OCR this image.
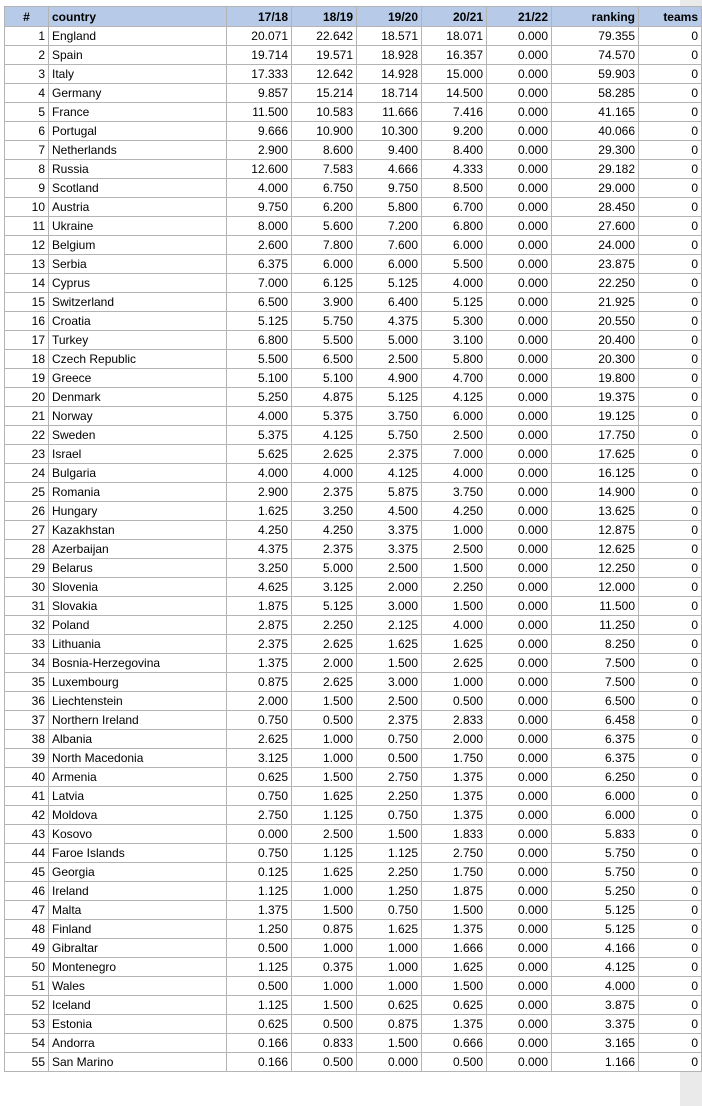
#	country	17/18	18/19	19/20	20/21	21/22	ranking	teams
1	England	20.071	22.642	18.571	18.071	0.000	79.355	0
2	Spain	19.714	19.571	18.928	16.357	0.000	74.570	0
3	Italy	17.333	12.642	14.928	15.000	0.000	59.903	0
4	Germany	9.857	15.214	18.714	14.500	0.000	58.285	0
5	France	11.500	10.583	11.666	7.416	0.000	41.165	0
6	Portugal	9.666	10.900	10.300	9.200	0.000	40.066	0
7	Netherlands	2.900	8.600	9.400	8.400	0.000	29.300	0
8	Russia	12.600	7.583	4.666	4.333	0.000	29.182	0
9	Scotland	4.000	6.750	9.750	8.500	0.000	29.000	0
10	Austria	9.750	6.200	5.800	6.700	0.000	28.450	0
11	Ukraine	8.000	5.600	7.200	6.800	0.000	27.600	0
12	Belgium	2.600	7.800	7.600	6.000	0.000	24.000	0
13	Serbia	6.375	6.000	6.000	5.500	0.000	23.875	0
14	Cyprus	7.000	6.125	5.125	4.000	0.000	22.250	0
15	Switzerland	6.500	3.900	6.400	5.125	0.000	21.925	0
16	Croatia	5.125	5.750	4.375	5.300	0.000	20.550	0
17	Turkey	6.800	5.500	5.000	3.100	0.000	20.400	0
18	Czech Republic	5.500	6.500	2.500	5.800	0.000	20.300	0
19	Greece	5.100	5.100	4.900	4.700	0.000	19.800	0
20	Denmark	5.250	4.875	5.125	4.125	0.000	19.375	0
21	Norway	4.000	5.375	3.750	6.000	0.000	19.125	0
22	Sweden	5.375	4.125	5.750	2.500	0.000	17.750	0
23	Israel	5.625	2.625	2.375	7.000	0.000	17.625	0
24	Bulgaria	4.000	4.000	4.125	4.000	0.000	16.125	0
25	Romania	2.900	2.375	5.875	3.750	0.000	14.900	0
26	Hungary	1.625	3.250	4.500	4.250	0.000	13.625	0
27	Kazakhstan	4.250	4.250	3.375	1.000	0.000	12.875	0
28	Azerbaijan	4.375	2.375	3.375	2.500	0.000	12.625	0
29	Belarus	3.250	5.000	2.500	1.500	0.000	12.250	0
30	Slovenia	4.625	3.125	2.000	2.250	0.000	12.000	0
31	Slovakia	1.875	5.125	3.000	1.500	0.000	11.500	0
32	Poland	2.875	2.250	2.125	4.000	0.000	11.250	0
33	Lithuania	2.375	2.625	1.625	1.625	0.000	8.250	0
34	Bosnia-Herzegovina	1.375	2.000	1.500	2.625	0.000	7.500	0
35	Luxembourg	0.875	2.625	3.000	1.000	0.000	7.500	0
36	Liechtenstein	2.000	1.500	2.500	0.500	0.000	6.500	0
37	Northern Ireland	0.750	0.500	2.375	2.833	0.000	6.458	0
38	Albania	2.625	1.000	0.750	2.000	0.000	6.375	0
39	North Macedonia	3.125	1.000	0.500	1.750	0.000	6.375	0
40	Armenia	0.625	1.500	2.750	1.375	0.000	6.250	0
41	Latvia	0.750	1.625	2.250	1.375	0.000	6.000	0
42	Moldova	2.750	1.125	0.750	1.375	0.000	6.000	0
43	Kosovo	0.000	2.500	1.500	1.833	0.000	5.833	0
44	Faroe Islands	0.750	1.125	1.125	2.750	0.000	5.750	0
45	Georgia	0.125	1.625	2.250	1.750	0.000	5.750	0
46	Ireland	1.125	1.000	1.250	1.875	0.000	5.250	0
47	Malta	1.375	1.500	0.750	1.500	0.000	5.125	0
48	Finland	1.250	0.875	1.625	1.375	0.000	5.125	0
49	Gibraltar	0.500	1.000	1.000	1.666	0.000	4.166	0
50	Montenegro	1.125	0.375	1.000	1.625	0.000	4.125	0
51	Wales	0.500	1.000	1.000	1.500	0.000	4.000	0
52	Iceland	1.125	1.500	0.625	0.625	0.000	3.875	0
53	Estonia	0.625	0.500	0.875	1.375	0.000	3.375	0
54	Andorra	0.166	0.833	1.500	0.666	0.000	3.165	0
55	San Marino	0.166	0.500	0.000	0.500	0.000	1.166	0
